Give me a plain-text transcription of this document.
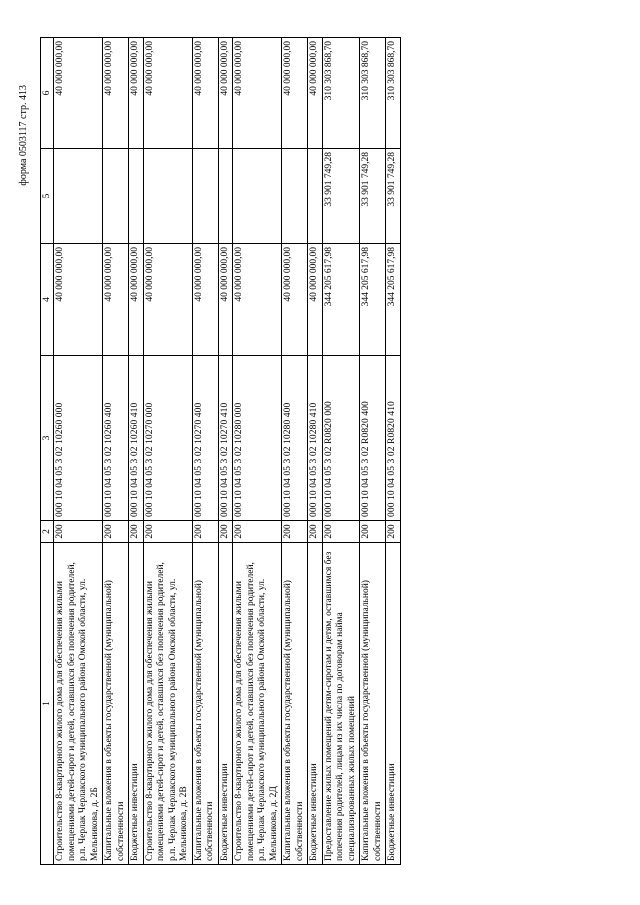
форма 0503117 стр. 413
1	2	3	4	5	6
Строительство 8-квартирного жилого дома для обеспечения жилыми помещениями детей-сирот и детей, оставшихся без попечения родителей, р.п. Черлак Черлакского муниципального района Омской области, ул. Мельникова, д. 2Б	200	000 10 04 05 3 02 10260 000	40 000 000,00		40 000 000,00
Капитальные вложения в объекты государственной (муниципальной) собственности	200	000 10 04 05 3 02 10260 400	40 000 000,00		40 000 000,00
Бюджетные инвестиции	200	000 10 04 05 3 02 10260 410	40 000 000,00		40 000 000,00
Строительство 8-квартирного жилого дома для обеспечения жилыми помещениями детей-сирот и детей, оставшихся без попечения родителей, р.п. Черлак Черлакского муниципального района Омской области, ул. Мельникова, д. 2В	200	000 10 04 05 3 02 10270 000	40 000 000,00		40 000 000,00
Капитальные вложения в объекты государственной (муниципальной) собственности	200	000 10 04 05 3 02 10270 400	40 000 000,00		40 000 000,00
Бюджетные инвестиции	200	000 10 04 05 3 02 10270 410	40 000 000,00		40 000 000,00
Строительство 8-квартирного жилого дома для обеспечения жилыми помещениями детей-сирот и детей, оставшихся без попечения родителей, р.п. Черлак Черлакского муниципального района Омской области, ул. Мельникова, д. 2Д	200	000 10 04 05 3 02 10280 000	40 000 000,00		40 000 000,00
Капитальные вложения в объекты государственной (муниципальной) собственности	200	000 10 04 05 3 02 10280 400	40 000 000,00		40 000 000,00
Бюджетные инвестиции	200	000 10 04 05 3 02 10280 410	40 000 000,00		40 000 000,00
Предоставление жилых помещений детям-сиротам и детям, оставшимся без попечения родителей, лицам из их числа по договорам найма специализированных жилых помещений	200	000 10 04 05 3 02 R0820 000	344 205 617,98	33 901 749,28	310 303 868,70
Капитальные вложения в объекты государственной (муниципальной) собственности	200	000 10 04 05 3 02 R0820 400	344 205 617,98	33 901 749,28	310 303 868,70
Бюджетные инвестиции	200	000 10 04 05 3 02 R0820 410	344 205 617,98	33 901 749,28	310 303 868,70
